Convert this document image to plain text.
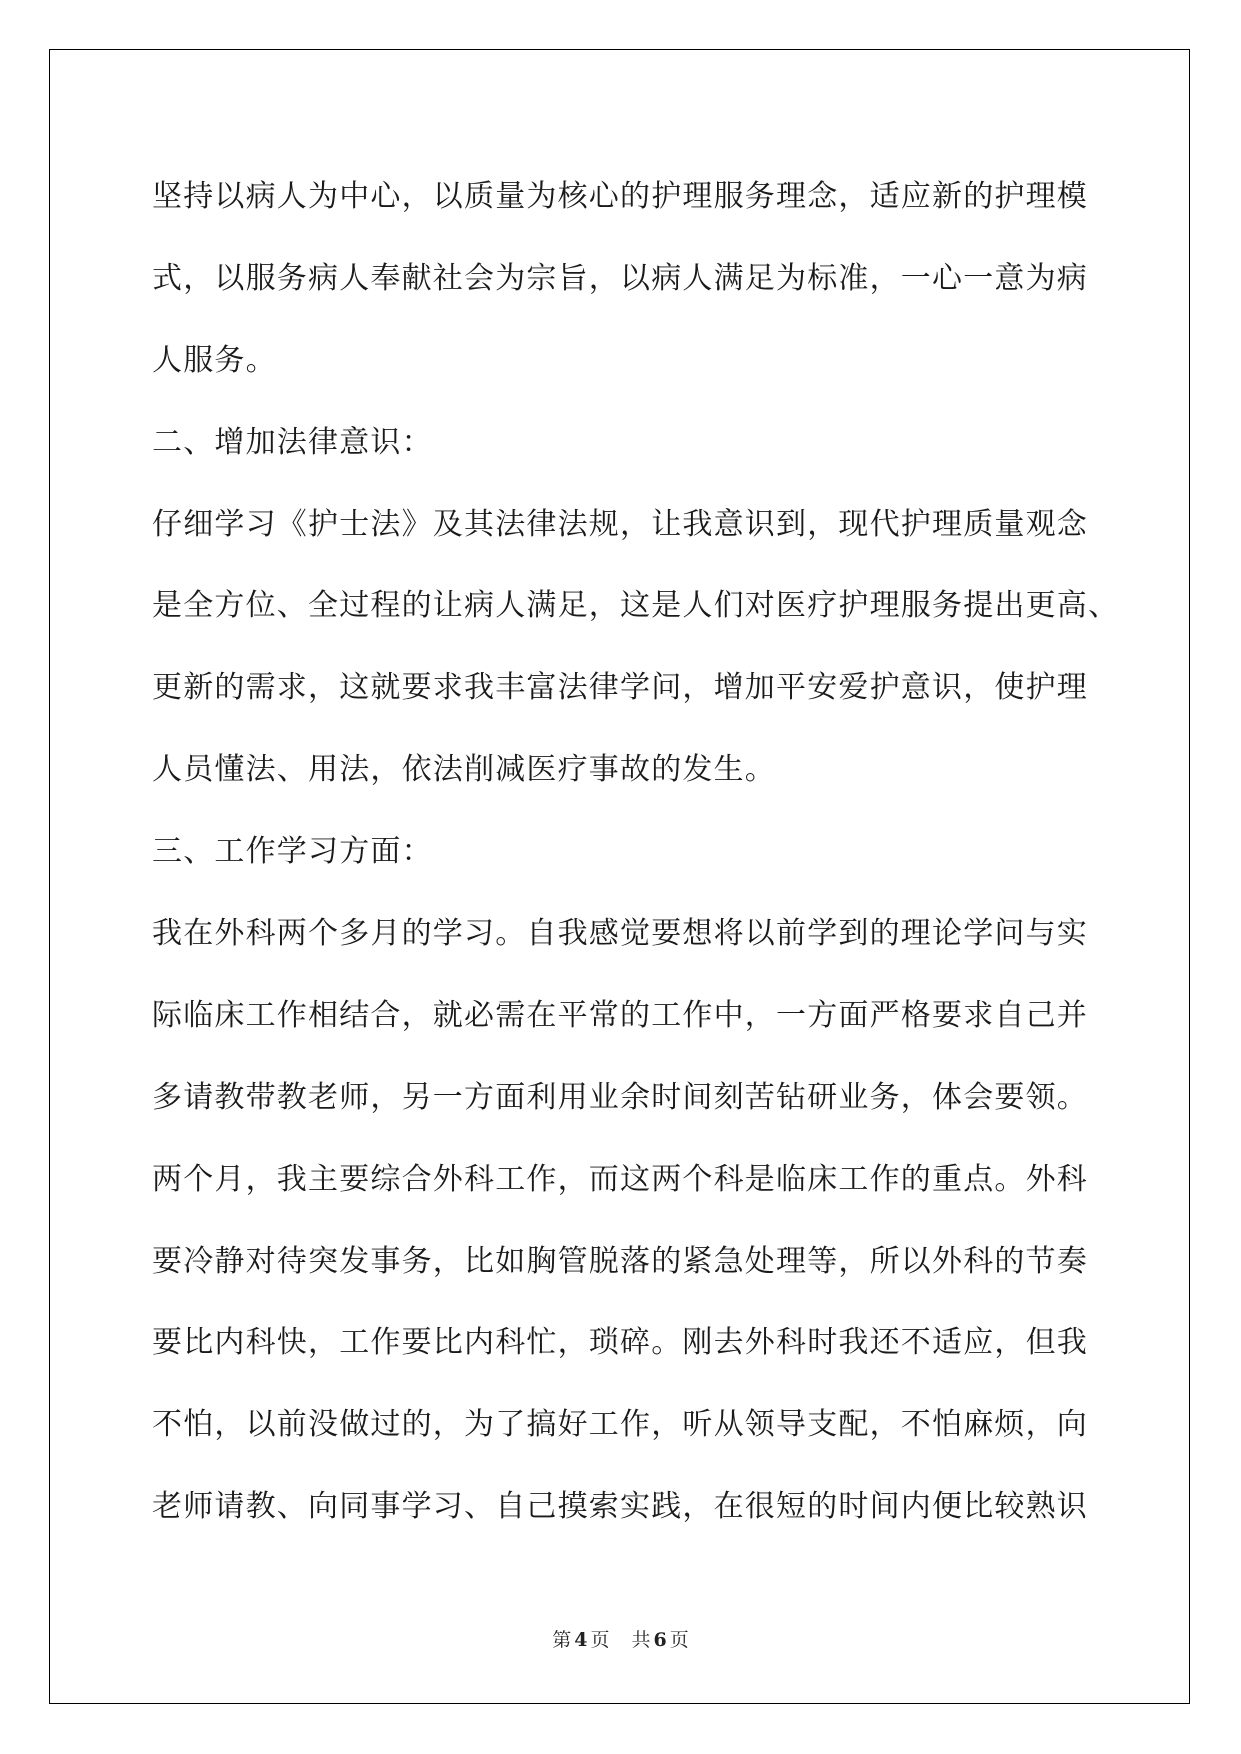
坚持以病人为中心，以质量为核心的护理服务理念，适应新的护理模
式，以服务病人奉献社会为宗旨，以病人满足为标准，一心一意为病
人服务。
二、增加法律意识：
仔细学习《护士法》及其法律法规，让我意识到，现代护理质量观念
是全方位、全过程的让病人满足，这是人们对医疗护理服务提出更高、
更新的需求，这就要求我丰富法律学问，增加平安爱护意识，使护理
人员懂法、用法，依法削减医疗事故的发生。
三、工作学习方面：
我在外科两个多月的学习。自我感觉要想将以前学到的理论学问与实
际临床工作相结合，就必需在平常的工作中，一方面严格要求自己并
多请教带教老师，另一方面利用业余时间刻苦钻研业务，体会要领。
两个月，我主要综合外科工作，而这两个科是临床工作的重点。外科
要冷静对待突发事务，比如胸管脱落的紧急处理等，所以外科的节奏
要比内科快，工作要比内科忙，琐碎。刚去外科时我还不适应，但我
不怕，以前没做过的，为了搞好工作，听从领导支配，不怕麻烦，向
老师请教、向同事学习、自己摸索实践，在很短的时间内便比较熟识
第 4 页 共 6 页
